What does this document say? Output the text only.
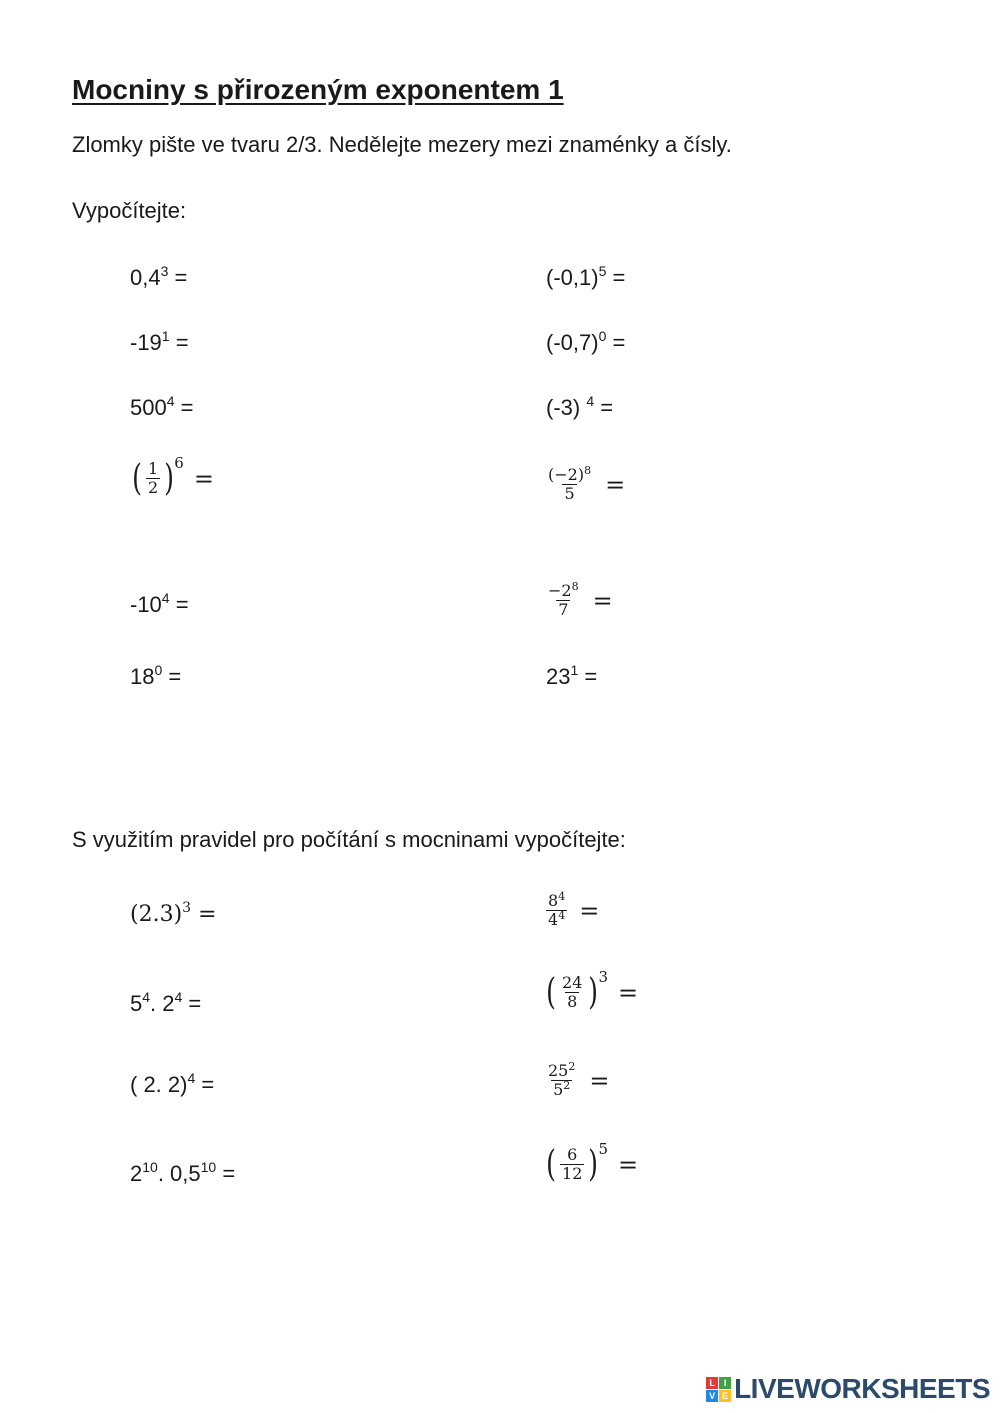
Mocniny s přirozeným exponentem 1
Zlomky pište ve tvaru 2/3. Nedělejte mezery mezi znaménky a čísly.
Vypočítejte:
$0,4^3$ =
$-19^1$ =
$500^4$ =
( $\frac{1}{2}$ ) 6
=
$-10^4$ =
$18^0$ =
$(-0,1)^5$ =
$(-0,7)^0$ =
(-3) $^4$ =
$\frac{(-2)^8}{5}$ =
$\frac{-2^8}{7}$ =
$23^1$ =
S využitím pravidel pro počítání s mocninami vypočítejte:
$(2.3)^3$ =
$5^4$. $2^4$ =
( 2. 2)$^4$ =
$2^{10}$. $0,5^{10}$ =
$\frac{8^4}{4^4}$ =
( $\frac{24}{8}$ ) 3
=
$\frac{25^2}{5^2}$ =
( $\frac{6}{12}$ ) 5
=
L I
V E LIVEWORKSHEETS
